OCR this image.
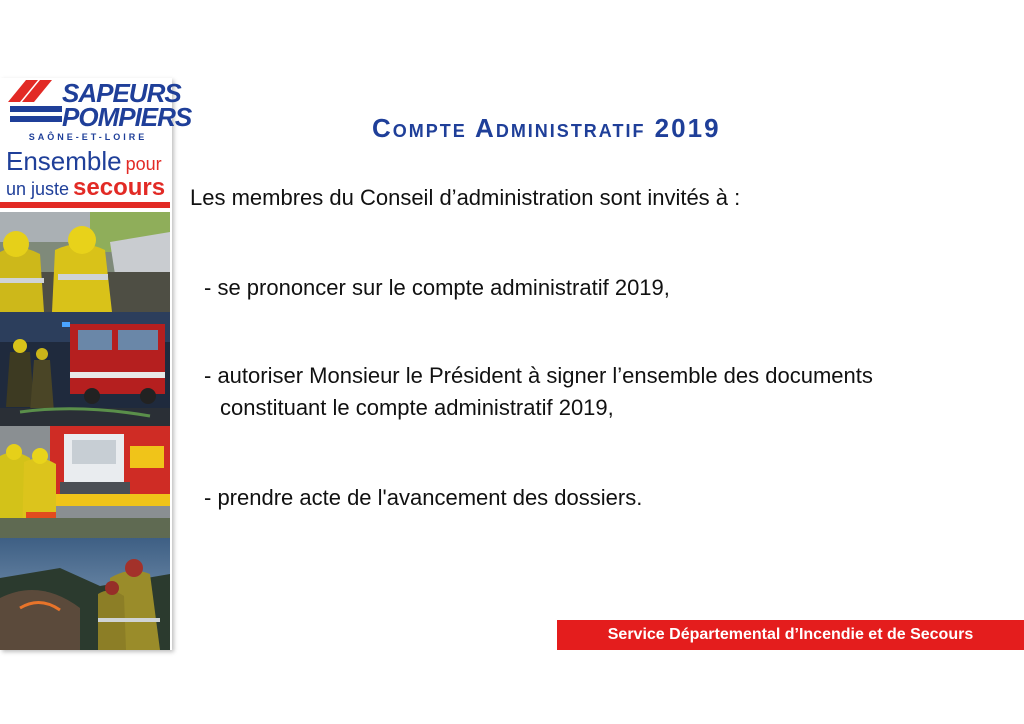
SAPEURS
POMPIERS
SAÔNE-ET-LOIRE
Ensemble pour
un juste secours
Compte Administratif 2019

Les membres du Conseil d’administration sont invités à :

- se prononcer sur le compte administratif 2019,

- autoriser Monsieur le Président à signer l’ensemble des documents
constituant le compte administratif 2019,

- prendre acte de l'avancement des dossiers.

Service Départemental d’Incendie et de Secours
